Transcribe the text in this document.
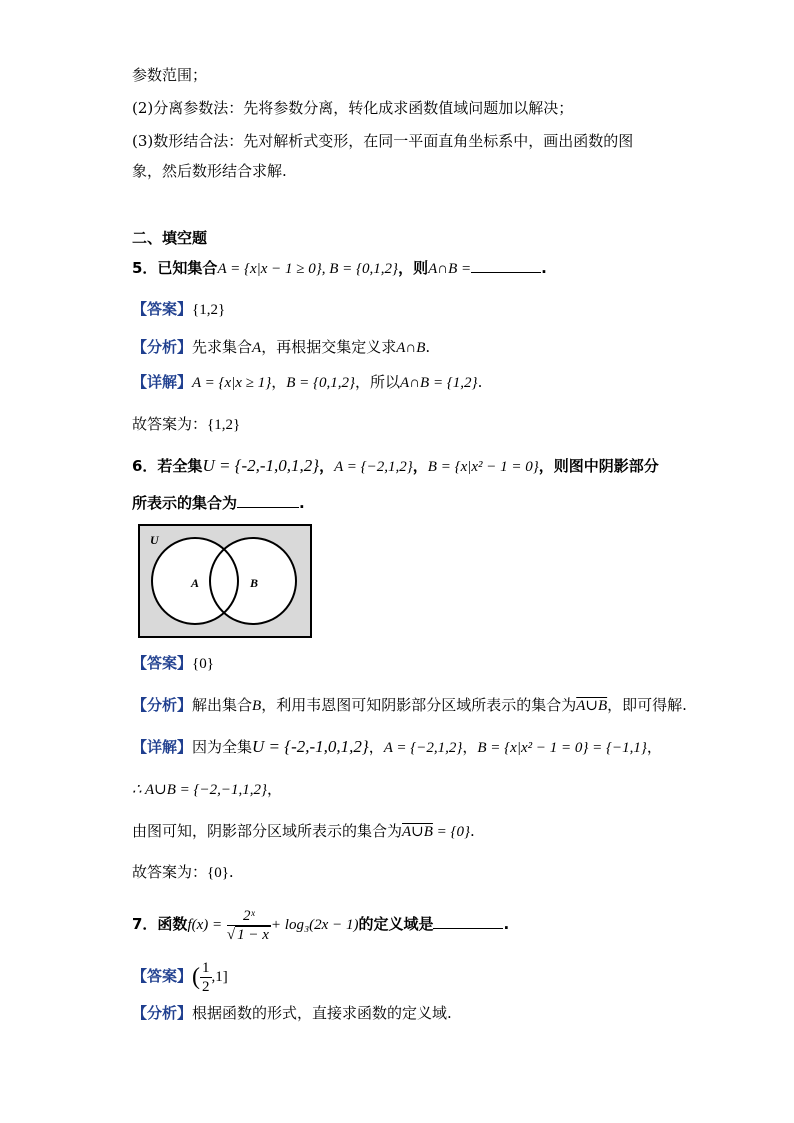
参数范围；
(2)分离参数法：先将参数分离，转化成求函数值域问题加以解决；
(3)数形结合法：先对解析式变形，在同一平面直角坐标系中，画出函数的图
象，然后数形结合求解.
二、填空题
5．已知集合A = {x|x − 1 ≥ 0}, B = {0,1,2}，则A∩B =	.
【答案】{1,2}
【分析】先求集合A，再根据交集定义求A∩B.
【详解】A = {x|x ≥ 1}，B = {0,1,2}，所以A∩B = {1,2}.
故答案为：{1,2}
6．若全集U = {-2,-1,0,1,2}，A = {−2,1,2}，B = {x|x² − 1 = 0}，则图中阴影部分
所表示的集合为	.
U
A	B
【答案】{0}
【分析】解出集合B，利用韦恩图可知阴影部分区域所表示的集合为A∪B，即可得解.
【详解】因为全集U = {-2,-1,0,1,2}，A = {−2,1,2}，B = {x|x² − 1 = 0} = {−1,1}，
∴ A∪B = {−2,−1,1,2}，
由图可知，阴影部分区域所表示的集合为A∪B = {0}.
故答案为：{0}.
7．函数$f(x) = \frac{\text{2ˣ}}{√ 1 - x} + \log_3(2x - 1)$的定义域是	.
【答案】( $\frac{1}{2} ,1$]
【分析】根据函数的形式，直接求函数的定义域.
